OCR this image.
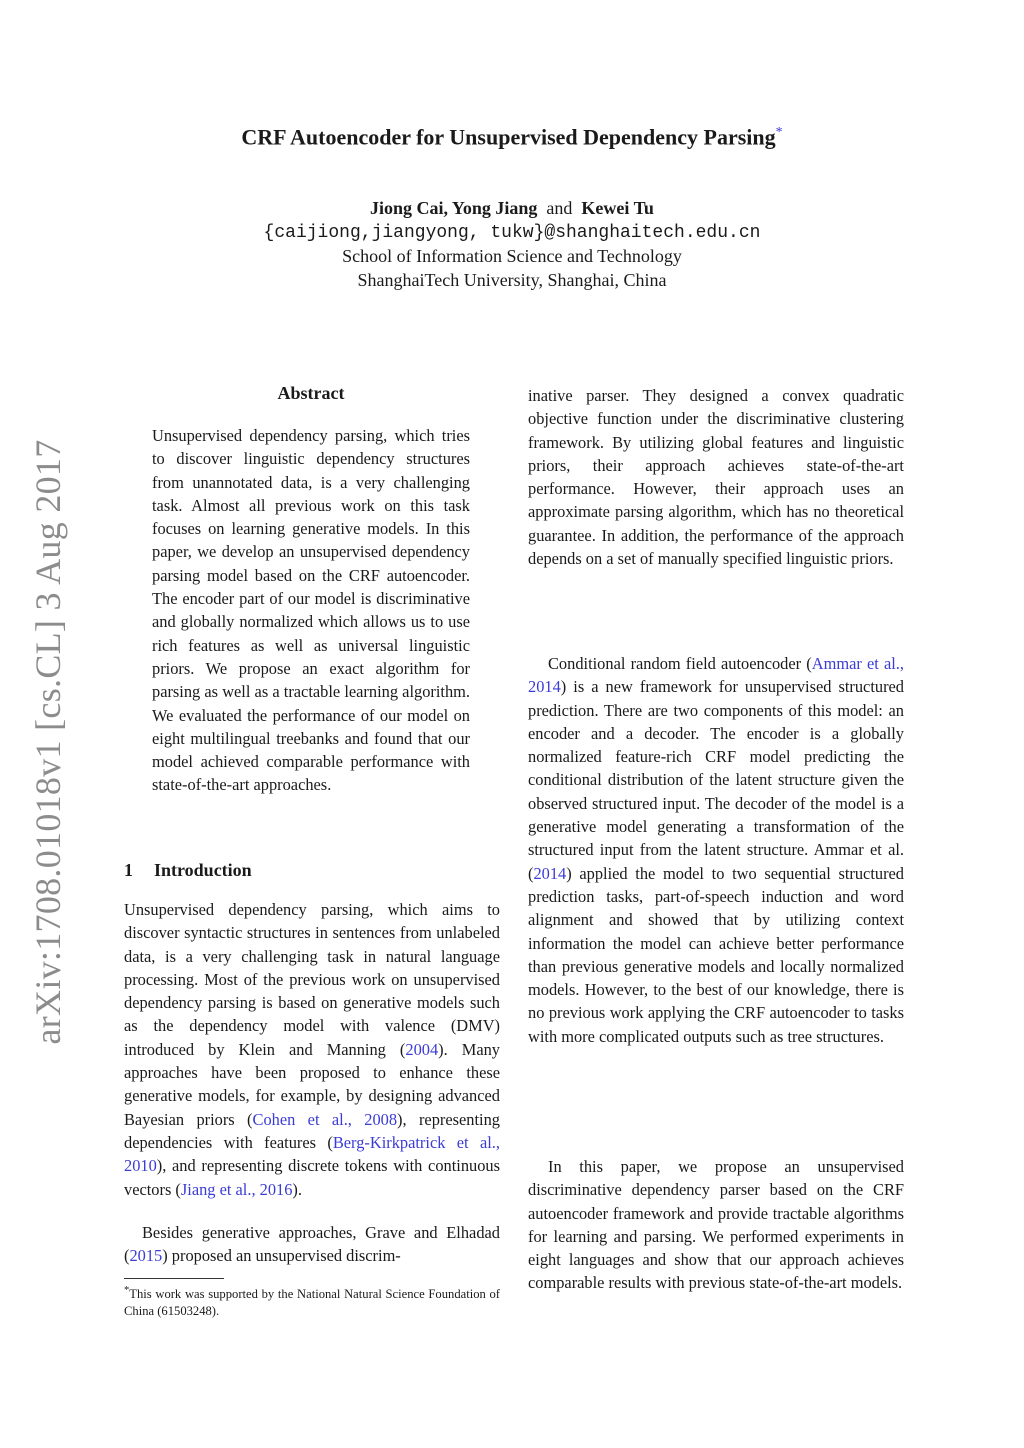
arXiv:1708.01018v1 [cs.CL] 3 Aug 2017
CRF Autoencoder for Unsupervised Dependency Parsing*
Jiong Cai, Yong Jiang and Kewei Tu
{caijiong,jiangyong, tukw}@shanghaitech.edu.cn
School of Information Science and Technology
ShanghaiTech University, Shanghai, China
Abstract
Unsupervised dependency parsing, which tries to discover linguistic dependency structures from unannotated data, is a very challenging task. Almost all previous work on this task focuses on learning generative models. In this paper, we develop an unsupervised dependency parsing model based on the CRF autoencoder. The encoder part of our model is discriminative and globally normalized which allows us to use rich features as well as universal linguistic priors. We propose an exact algorithm for parsing as well as a tractable learning algorithm. We evaluated the performance of our model on eight multilingual treebanks and found that our model achieved comparable performance with state-of-the-art approaches.
1 Introduction
Unsupervised dependency parsing, which aims to discover syntactic structures in sentences from unlabeled data, is a very challenging task in natural language processing. Most of the previous work on unsupervised dependency parsing is based on generative models such as the dependency model with valence (DMV) introduced by Klein and Manning (2004). Many approaches have been proposed to enhance these generative models, for example, by designing advanced Bayesian priors (Cohen et al., 2008), representing dependencies with features (Berg-Kirkpatrick et al., 2010), and representing discrete tokens with continuous vectors (Jiang et al., 2016).
Besides generative approaches, Grave and Elhadad (2015) proposed an unsupervised discrim-
*This work was supported by the National Natural Science Foundation of China (61503248).
inative parser. They designed a convex quadratic objective function under the discriminative clustering framework. By utilizing global features and linguistic priors, their approach achieves state-of-the-art performance. However, their approach uses an approximate parsing algorithm, which has no theoretical guarantee. In addition, the performance of the approach depends on a set of manually specified linguistic priors.
Conditional random field autoencoder (Ammar et al., 2014) is a new framework for unsupervised structured prediction. There are two components of this model: an encoder and a decoder. The encoder is a globally normalized feature-rich CRF model predicting the conditional distribution of the latent structure given the observed structured input. The decoder of the model is a generative model generating a transformation of the structured input from the latent structure. Ammar et al. (2014) applied the model to two sequential structured prediction tasks, part-of-speech induction and word alignment and showed that by utilizing context information the model can achieve better performance than previous generative models and locally normalized models. However, to the best of our knowledge, there is no previous work applying the CRF autoencoder to tasks with more complicated outputs such as tree structures.
In this paper, we propose an unsupervised discriminative dependency parser based on the CRF autoencoder framework and provide tractable algorithms for learning and parsing. We performed experiments in eight languages and show that our approach achieves comparable results with previous state-of-the-art models.
